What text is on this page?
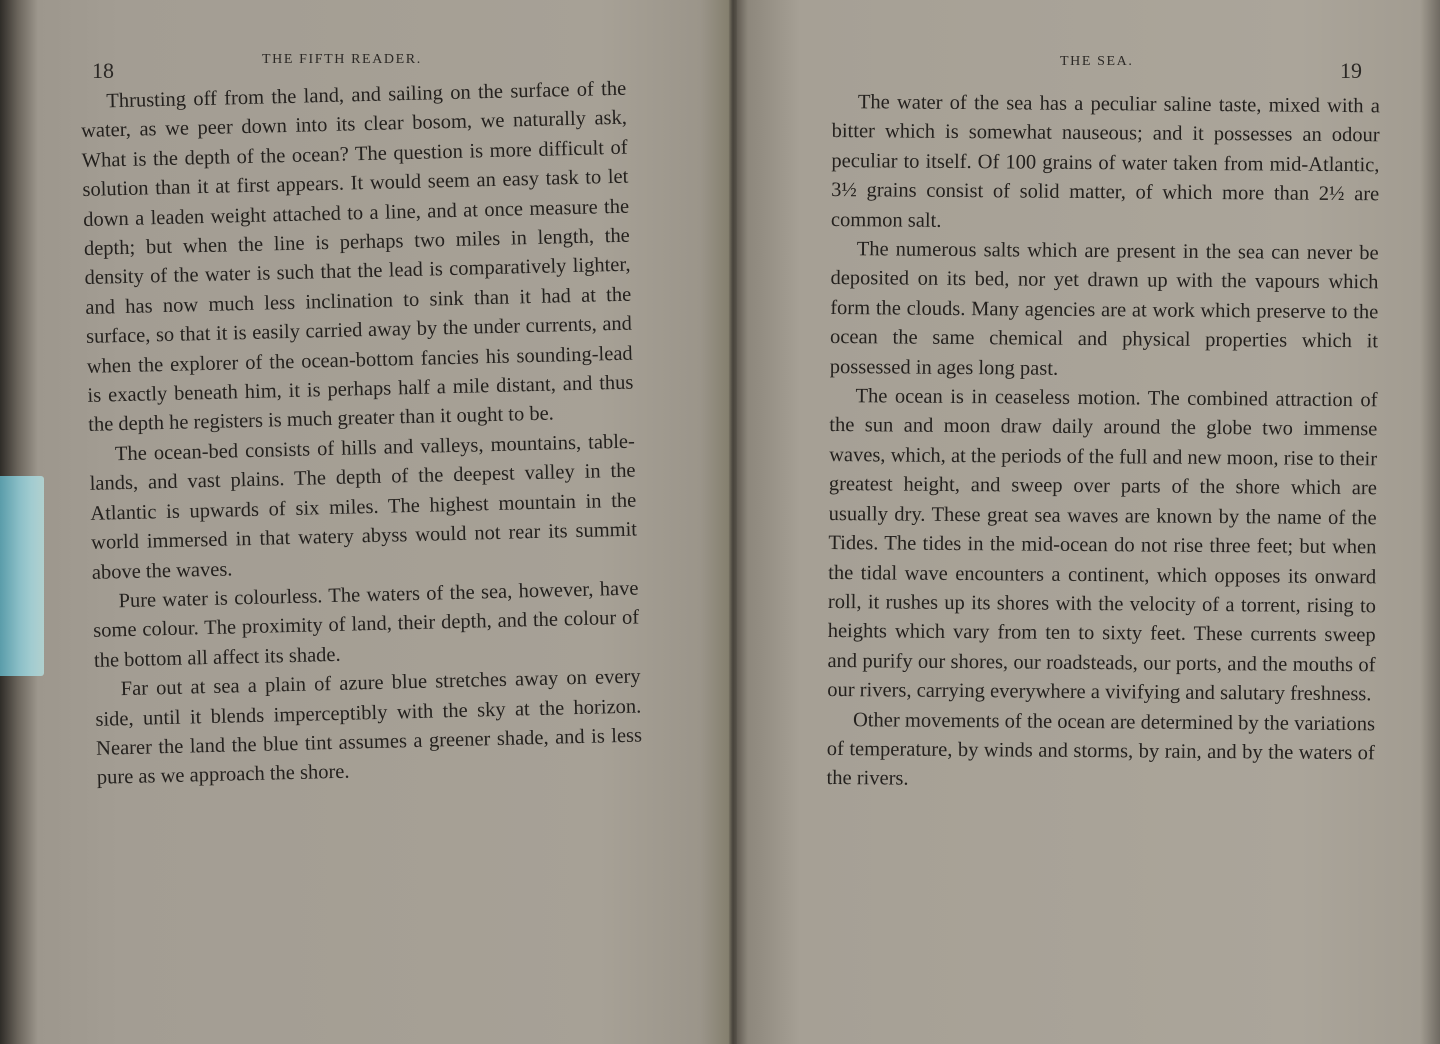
18	THE FIFTH READER.

Thrusting off from the land, and sailing on the surface of the water, as we peer down into its clear bosom, we naturally ask, What is the depth of the ocean? The question is more difficult of solution than it at first appears. It would seem an easy task to let down a leaden weight attached to a line, and at once measure the depth; but when the line is perhaps two miles in length, the density of the water is such that the lead is comparatively lighter, and has now much less inclination to sink than it had at the surface, so that it is easily carried away by the under currents, and when the explorer of the ocean-bottom fancies his sounding-lead is exactly beneath him, it is perhaps half a mile distant, and thus the depth he registers is much greater than it ought to be.

The ocean-bed consists of hills and valleys, mountains, table-lands, and vast plains. The depth of the deepest valley in the Atlantic is upwards of six miles. The highest mountain in the world immersed in that watery abyss would not rear its summit above the waves.

Pure water is colourless. The waters of the sea, however, have some colour. The proximity of land, their depth, and the colour of the bottom all affect its shade.

Far out at sea a plain of azure blue stretches away on every side, until it blends imperceptibly with the sky at the horizon. Nearer the land the blue tint assumes a greener shade, and is less pure as we approach the shore.

THE SEA.	19

The water of the sea has a peculiar saline taste, mixed with a bitter which is somewhat nauseous; and it possesses an odour peculiar to itself. Of 100 grains of water taken from mid-Atlantic, 3½ grains consist of solid matter, of which more than 2½ are common salt.

The numerous salts which are present in the sea can never be deposited on its bed, nor yet drawn up with the vapours which form the clouds. Many agencies are at work which preserve to the ocean the same chemical and physical properties which it possessed in ages long past.

The ocean is in ceaseless motion. The combined attraction of the sun and moon draw daily around the globe two immense waves, which, at the periods of the full and new moon, rise to their greatest height, and sweep over parts of the shore which are usually dry. These great sea waves are known by the name of the Tides. The tides in the mid-ocean do not rise three feet; but when the tidal wave encounters a continent, which opposes its onward roll, it rushes up its shores with the velocity of a torrent, rising to heights which vary from ten to sixty feet. These currents sweep and purify our shores, our roadsteads, our ports, and the mouths of our rivers, carrying everywhere a vivifying and salutary freshness.

Other movements of the ocean are determined by the variations of temperature, by winds and storms, by rain, and by the waters of the rivers.
